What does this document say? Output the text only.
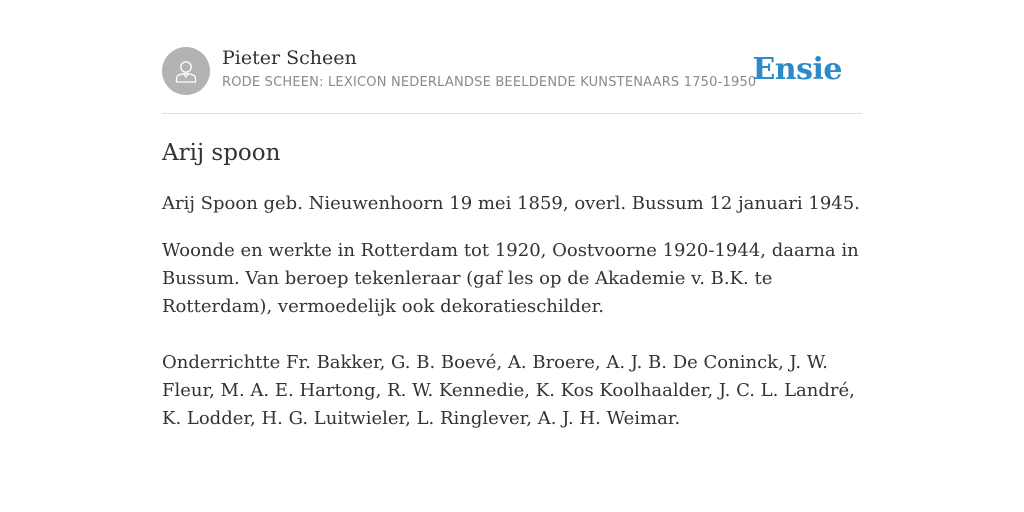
Pieter Scheen
RODE SCHEEN: LEXICON NEDERLANDSE BEELDENDE KUNSTENAARS 1750-1950
Ensie
Arij spoon

Arij Spoon geb. Nieuwenhoorn 19 mei 1859, overl. Bussum 12 januari 1945.

Woonde en werkte in Rotterdam tot 1920, Oostvoorne 1920-1944, daarna in Bussum. Van beroep tekenleraar (gaf les op de Akademie v. B.K. te Rotterdam), vermoedelijk ook dekoratieschilder.

Onderrichtte Fr. Bakker, G. B. Boevé, A. Broere, A. J. B. De Coninck, J. W. Fleur, M. A. E. Hartong, R. W. Kennedie, K. Kos Koolhaalder, J. C. L. Landré, K. Lodder, H. G. Luitwieler, L. Ringlever, A. J. H. Weimar.
